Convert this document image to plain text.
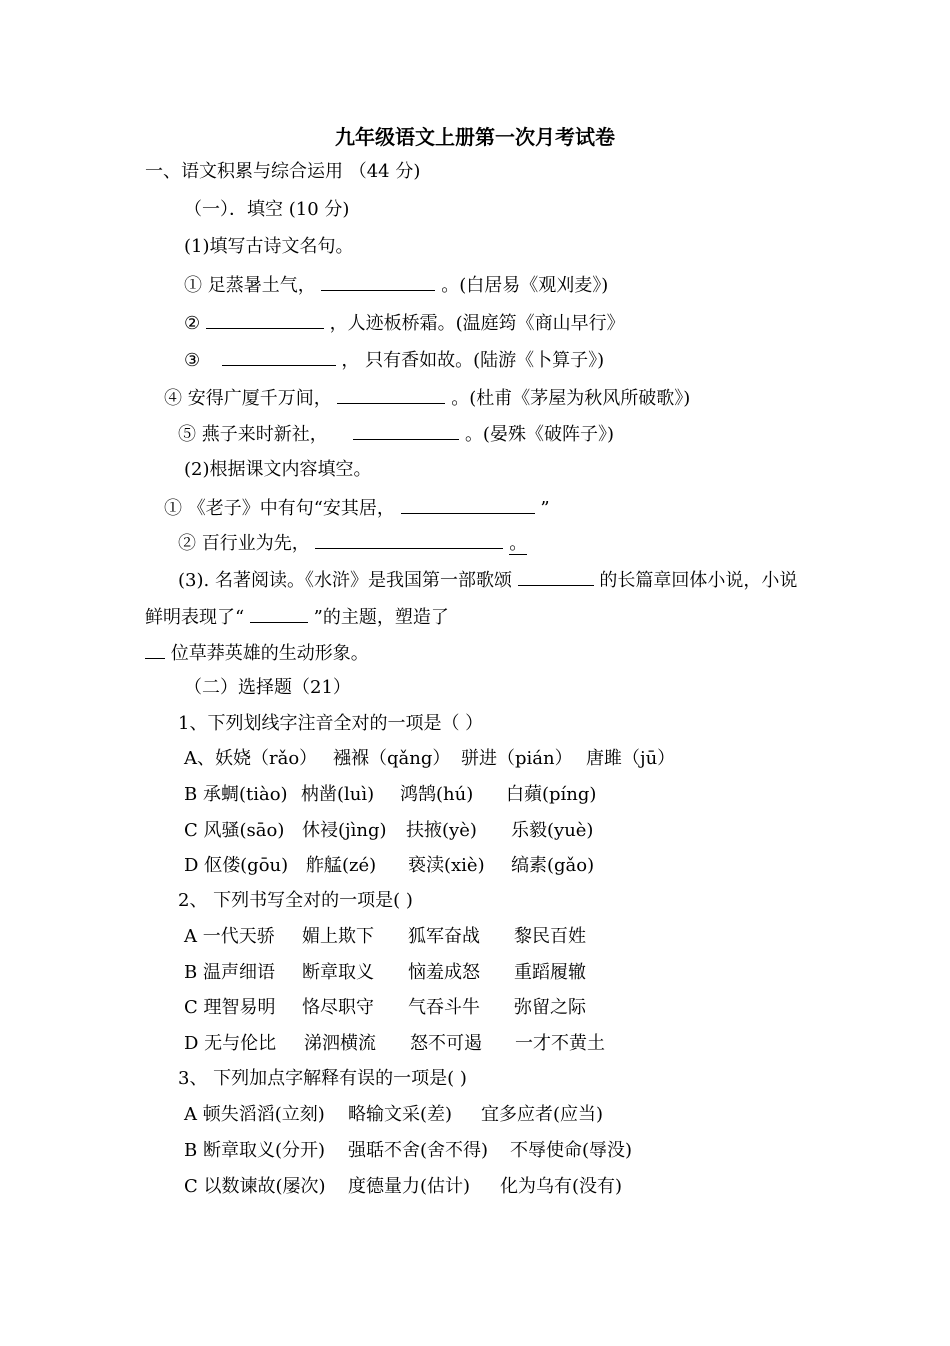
九年级语文上册第一次月考试卷
一、语文积累与综合运用 （44 分)
（一）．填空 (10 分)
(1)填写古诗文名句。
① 足蒸暑土气，	。(白居易《观刈麦》)
②	，人迹板桥霜。(温庭筠《商山早行》
③	， 只有香如故。(陆游《卜算子》)
④ 安得广厦千万间，	。(杜甫《茅屋为秋风所破歌》)
⑤ 燕子来时新社，	。(晏殊《破阵子》)
(2)根据课文内容填空。
① 《老子》中有句“安其居，	”
② 百行业为先，	。
(3). 名著阅读。《水浒》是我国第一部歌颂	的长篇章回体小说，小说
鲜明表现了“	”的主题，塑造了
位草莽英雄的生动形象。
（二）选择题（21）
1、下列划线字注音全对的一项是（ ）
A、妖娆（rǎo） 襁褓（qǎng） 骈进（pián） 唐雎（jū）
B 承蜩(tiào) 枘凿(luì) 鸿鹄(hú) 白蘋(píng)
C 风骚(sāo) 休祲(jìng) 扶掖(yè) 乐毅(yuè)
D 伛偻(gōu) 舴艋(zé) 亵渎(xiè) 缟素(gǎo)
2、 下列书写全对的一项是( )
A 一代天骄 媚上欺下 狐军奋战 黎民百姓
B 温声细语 断章取义 恼羞成怒 重蹈履辙
C 理智易明 恪尽职守 气吞斗牛 弥留之际
D 无与伦比 涕泗横流 怒不可遏 一才不黄土
3、 下列加点字解释有误的一项是( )
A 顿失滔滔(立刻) 略输文采(差) 宜多应者(应当)
B 断章取义(分开) 强聒不舍(舍不得) 不辱使命(辱没)
C 以数谏故(屡次) 度德量力(估计) 化为乌有(没有)
